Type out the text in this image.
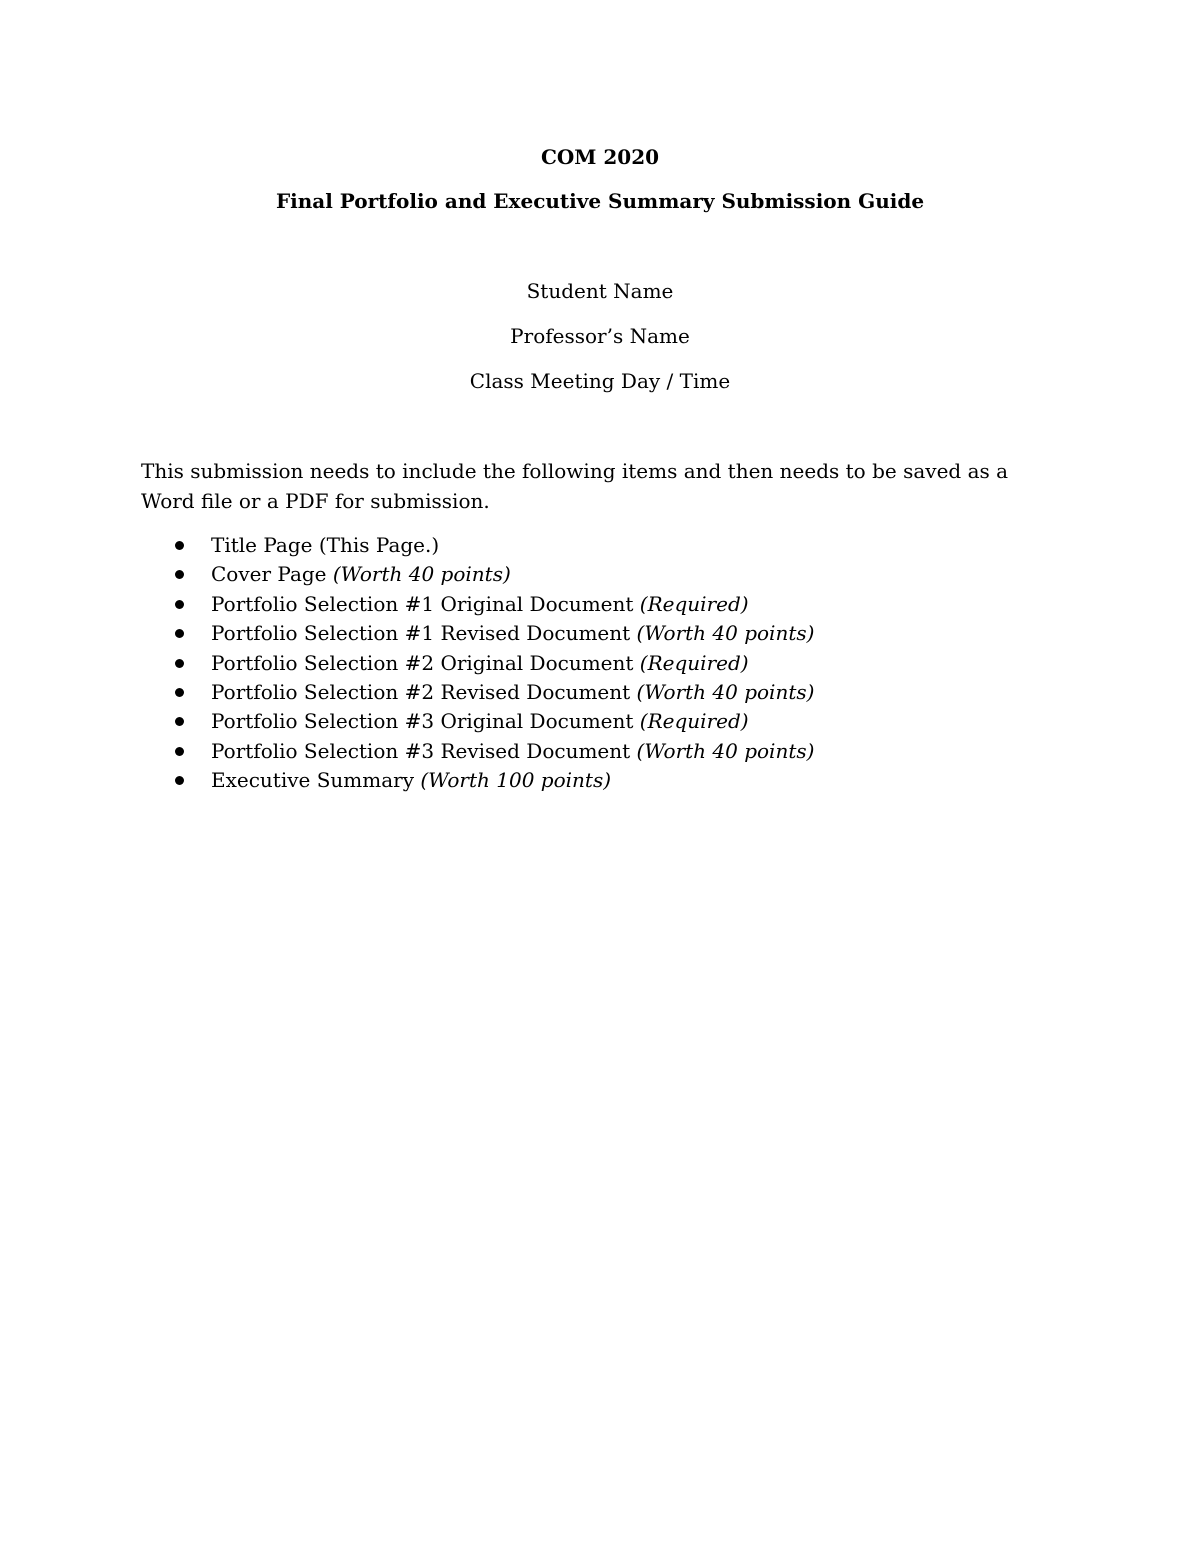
COM 2020
Final Portfolio and Executive Summary Submission Guide
Student Name
Professor’s Name
Class Meeting Day / Time
This submission needs to include the following items and then needs to be saved as a Word file or a PDF for submission.
Title Page (This Page.)
Cover Page (Worth 40 points)
Portfolio Selection #1 Original Document (Required)
Portfolio Selection #1 Revised Document (Worth 40 points)
Portfolio Selection #2 Original Document (Required)
Portfolio Selection #2 Revised Document (Worth 40 points)
Portfolio Selection #3 Original Document (Required)
Portfolio Selection #3 Revised Document (Worth 40 points)
Executive Summary (Worth 100 points)
